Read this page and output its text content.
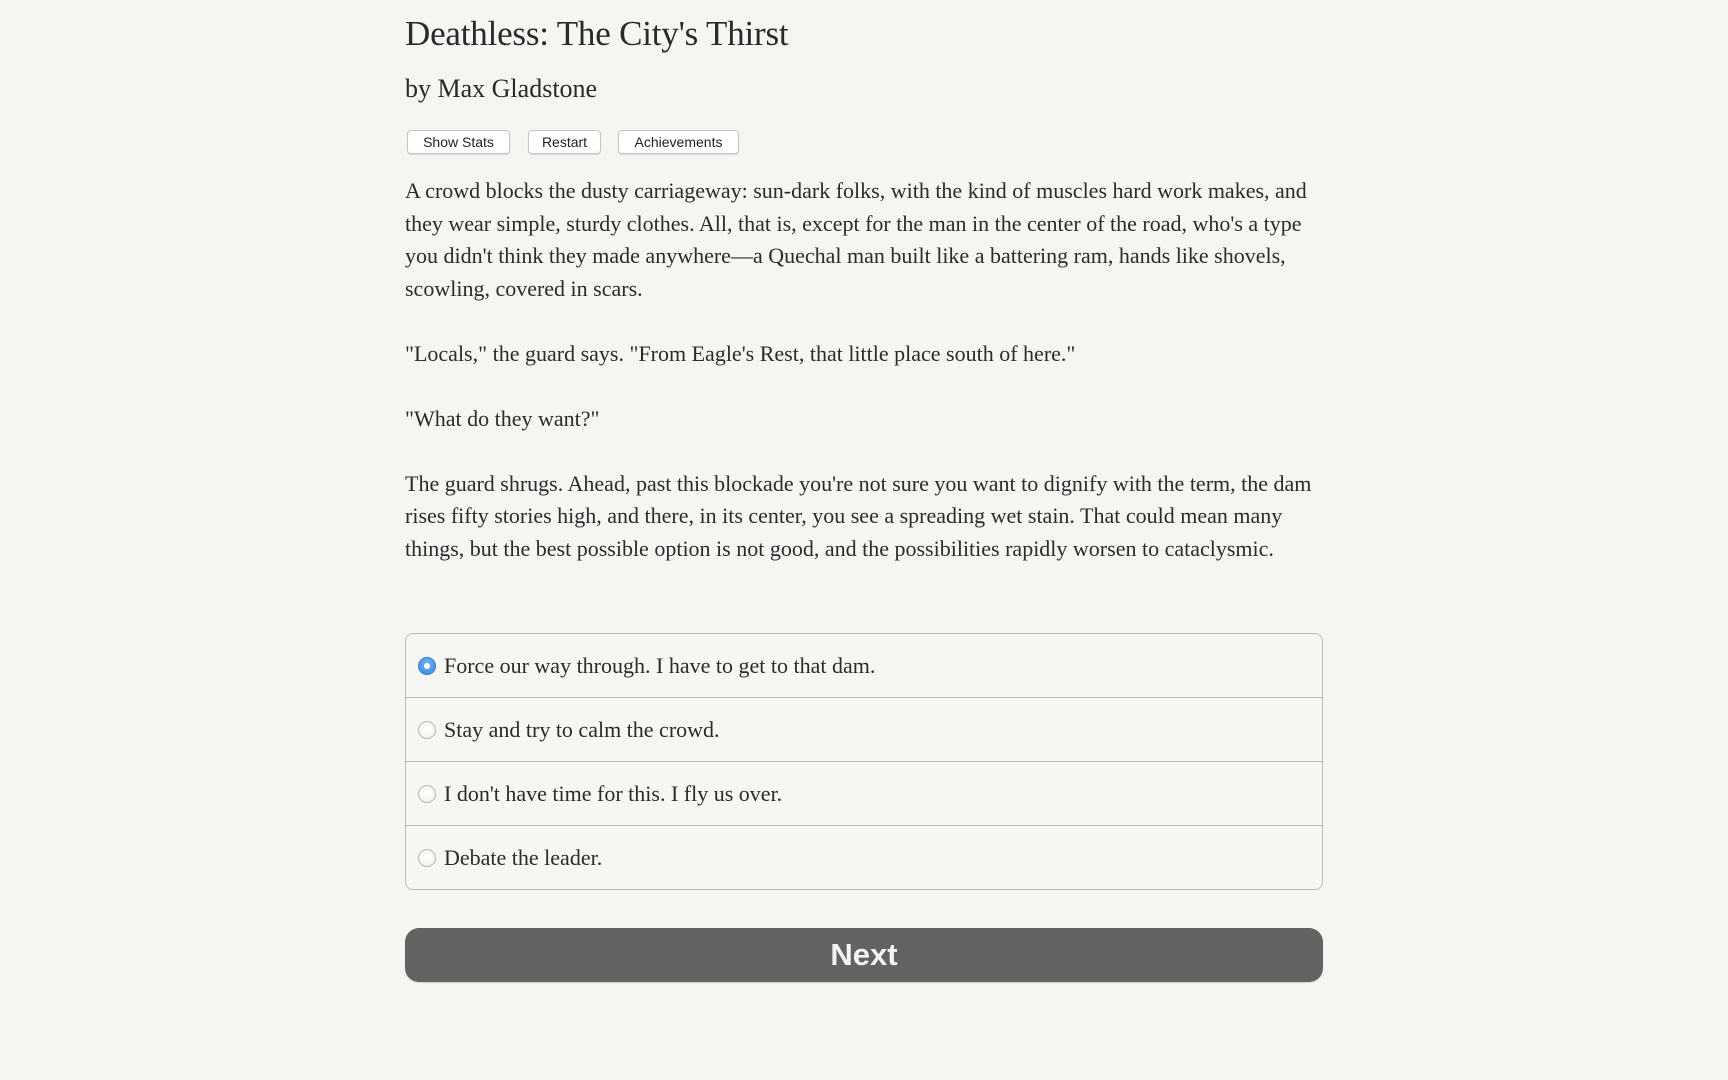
Deathless: The City's Thirst
by Max Gladstone
Show Stats	Restart	Achievements

A crowd blocks the dusty carriageway: sun-dark folks, with the kind of muscles hard work makes, and they wear simple, sturdy clothes. All, that is, except for the man in the center of the road, who's a type you didn't think they made anywhere—a Quechal man built like a battering ram, hands like shovels, scowling, covered in scars.

"Locals," the guard says. "From Eagle's Rest, that little place south of here."

"What do they want?"

The guard shrugs. Ahead, past this blockade you're not sure you want to dignify with the term, the dam rises fifty stories high, and there, in its center, you see a spreading wet stain. That could mean many things, but the best possible option is not good, and the possibilities rapidly worsen to cataclysmic.

Force our way through. I have to get to that dam.
Stay and try to calm the crowd.
I don't have time for this. I fly us over.
Debate the leader.
Next
